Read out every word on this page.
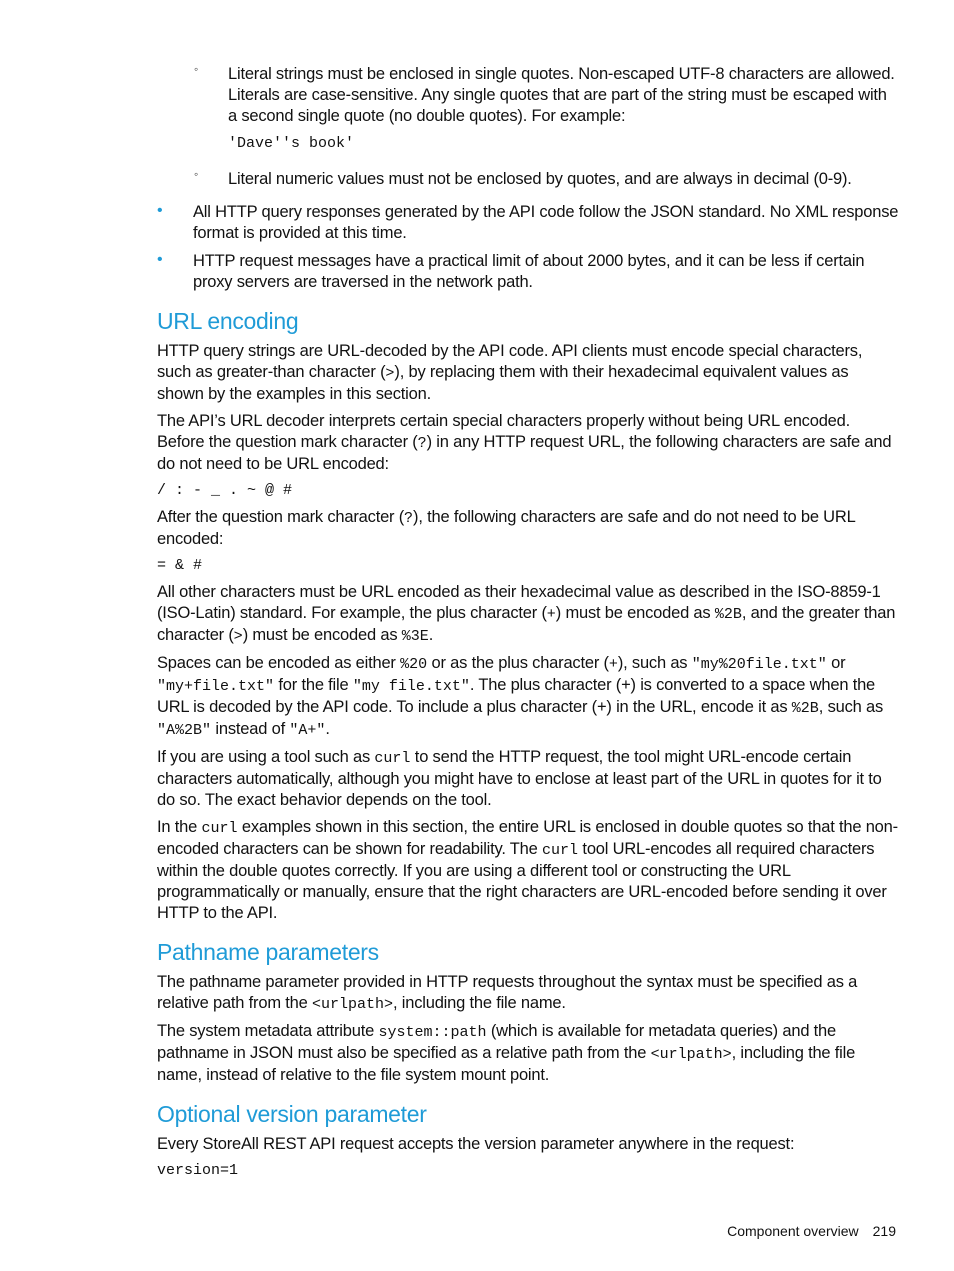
◦ Literal strings must be enclosed in single quotes. Non-escaped UTF-8 characters are allowed. Literals are case-sensitive. Any single quotes that are part of the string must be escaped with a second single quote (no double quotes). For example:

'Dave''s book'
◦ Literal numeric values must not be enclosed by quotes, and are always in decimal (0-9).

• All HTTP query responses generated by the API code follow the JSON standard. No XML response format is provided at this time.

• HTTP request messages have a practical limit of about 2000 bytes, and it can be less if certain proxy servers are traversed in the network path.

URL encoding

HTTP query strings are URL-decoded by the API code. API clients must encode special characters, such as greater-than character (>), by replacing them with their hexadecimal equivalent values as shown by the examples in this section.

The API’s URL decoder interprets certain special characters properly without being URL encoded. Before the question mark character (?) in any HTTP request URL, the following characters are safe and do not need to be URL encoded:

/ : - _ . ~ @ #

After the question mark character (?), the following characters are safe and do not need to be URL encoded:

= & #

All other characters must be URL encoded as their hexadecimal value as described in the ISO-8859-1 (ISO-Latin) standard. For example, the plus character (+) must be encoded as %2B, and the greater than character (>) must be encoded as %3E.

Spaces can be encoded as either %20 or as the plus character (+), such as "my%20file.txt" or "my+file.txt" for the file "my file.txt". The plus character (+) is converted to a space when the URL is decoded by the API code. To include a plus character (+) in the URL, encode it as %2B, such as "A%2B" instead of "A+".

If you are using a tool such as curl to send the HTTP request, the tool might URL-encode certain characters automatically, although you might have to enclose at least part of the URL in quotes for it to do so. The exact behavior depends on the tool.

In the curl examples shown in this section, the entire URL is enclosed in double quotes so that the non-encoded characters can be shown for readability. The curl tool URL-encodes all required characters within the double quotes correctly. If you are using a different tool or constructing the URL programmatically or manually, ensure that the right characters are URL-encoded before sending it over HTTP to the API.

Pathname parameters

The pathname parameter provided in HTTP requests throughout the syntax must be specified as a relative path from the <urlpath>, including the file name.

The system metadata attribute system::path (which is available for metadata queries) and the pathname in JSON must also be specified as a relative path from the <urlpath>, including the file name, instead of relative to the file system mount point.

Optional version parameter

Every StoreAll REST API request accepts the version parameter anywhere in the request:

version=1
Component overview 219
